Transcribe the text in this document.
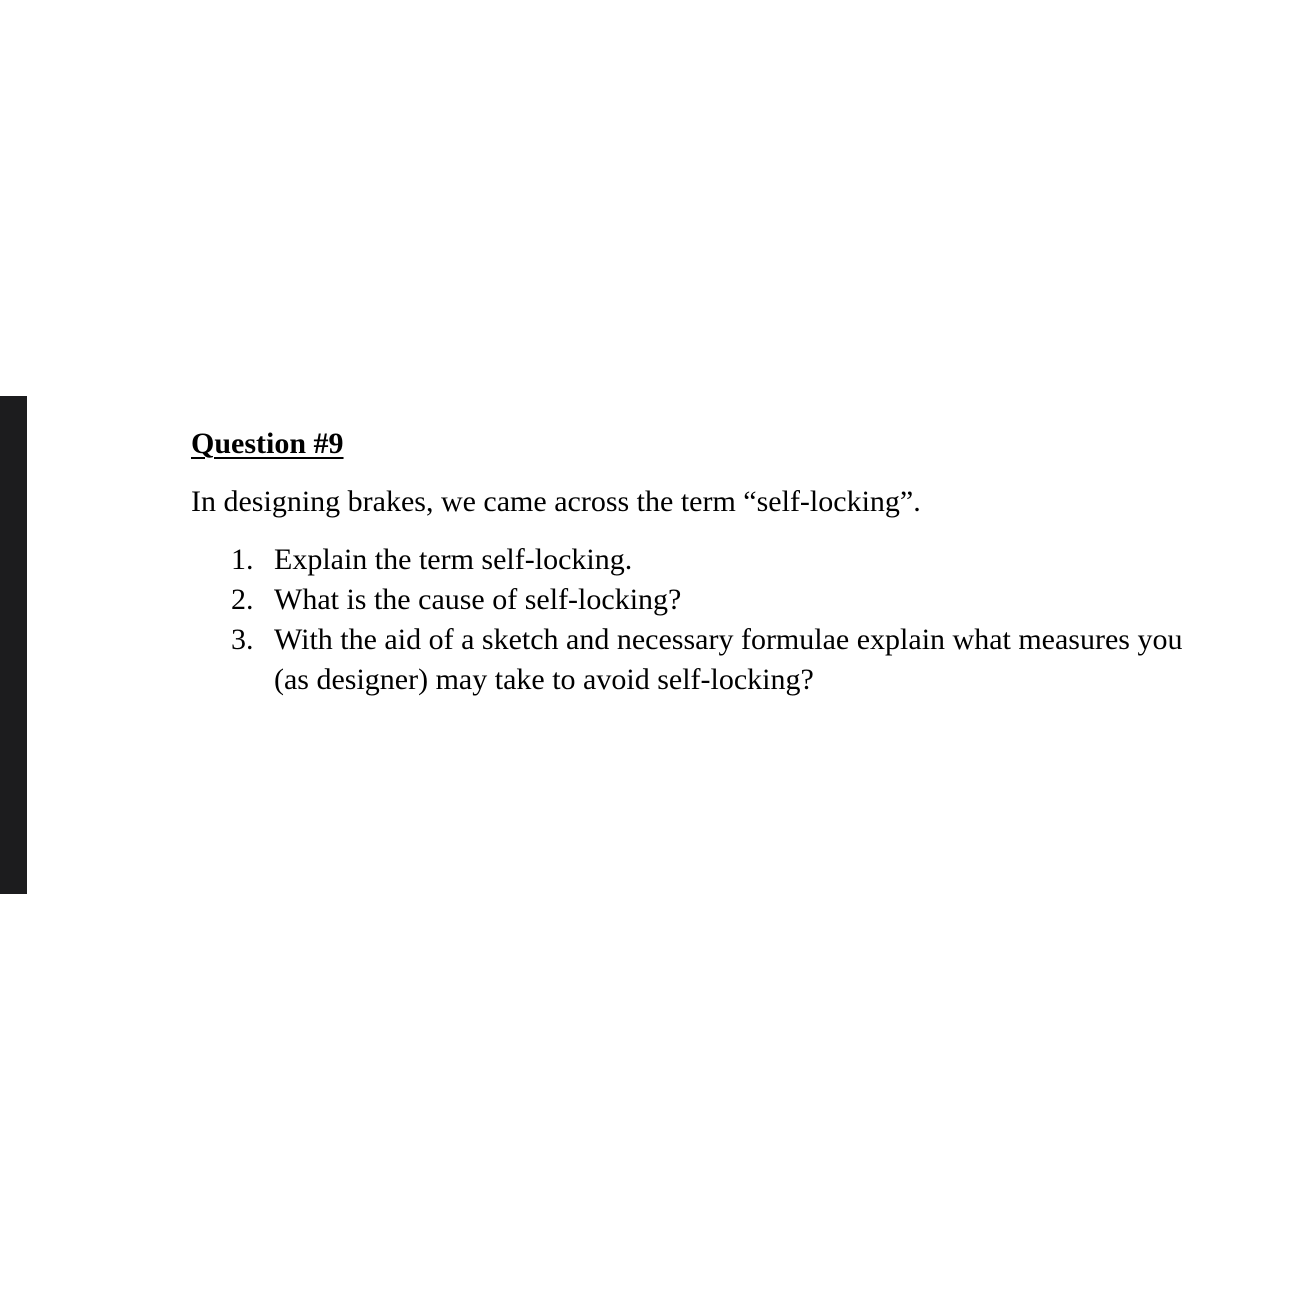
Question #9

In designing brakes, we came across the term “self-locking”.

1. Explain the term self-locking.
2. What is the cause of self-locking?
3. With the aid of a sketch and necessary formulae explain what measures you
(as designer) may take to avoid self-locking?
